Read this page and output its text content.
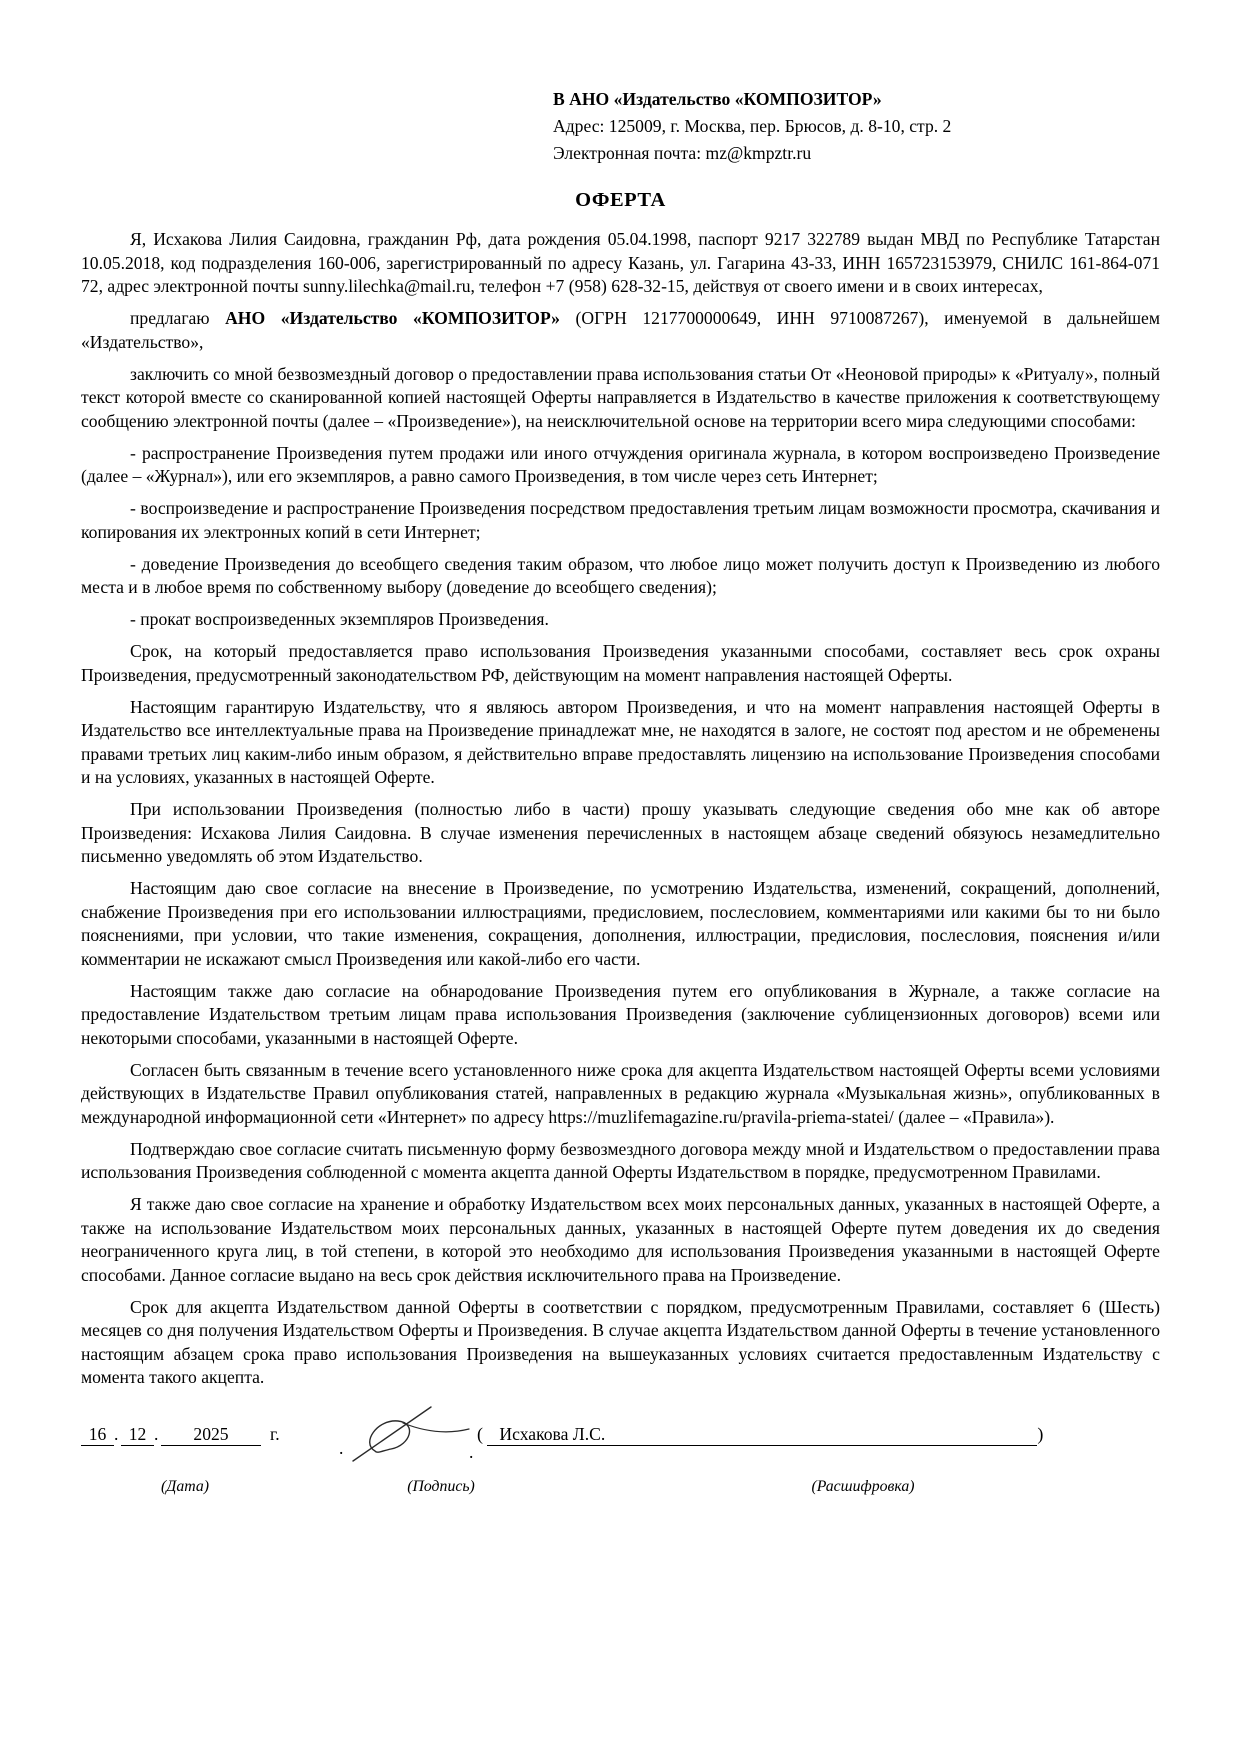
В АНО «Издательство «КОМПОЗИТОР»
Адрес: 125009, г. Москва, пер. Брюсов, д. 8-10, стр. 2
Электронная почта: mz@kmpztr.ru
ОФЕРТА

Я, Исхакова Лилия Саидовна, гражданин Рф, дата рождения 05.04.1998, паспорт 9217 322789 выдан МВД по Республике Татарстан 10.05.2018, код подразделения 160-006, зарегистрированный по адресу Казань, ул. Гагарина 43-33, ИНН 165723153979, СНИЛС 161-864-071 72, адрес электронной почты sunny.lilechka@mail.ru, телефон +7 (958) 628-32-15, действуя от своего имени и в своих интересах,

предлагаю АНО «Издательство «КОМПОЗИТОР» (ОГРН 1217700000649, ИНН 9710087267), именуемой в дальнейшем «Издательство»,

заключить со мной безвозмездный договор о предоставлении права использования статьи От «Неоновой природы» к «Ритуалу», полный текст которой вместе со сканированной копией настоящей Оферты направляется в Издательство в качестве приложения к соответствующему сообщению электронной почты (далее – «Произведение»), на неисключительной основе на территории всего мира следующими способами:

- распространение Произведения путем продажи или иного отчуждения оригинала журнала, в котором воспроизведено Произведение (далее – «Журнал»), или его экземпляров, а равно самого Произведения, в том числе через сеть Интернет;

- воспроизведение и распространение Произведения посредством предоставления третьим лицам возможности просмотра, скачивания и копирования их электронных копий в сети Интернет;

- доведение Произведения до всеобщего сведения таким образом, что любое лицо может получить доступ к Произведению из любого места и в любое время по собственному выбору (доведение до всеобщего сведения);

- прокат воспроизведенных экземпляров Произведения.

Срок, на который предоставляется право использования Произведения указанными способами, составляет весь срок охраны Произведения, предусмотренный законодательством РФ, действующим на момент направления настоящей Оферты.

Настоящим гарантирую Издательству, что я являюсь автором Произведения, и что на момент направления настоящей Оферты в Издательство все интеллектуальные права на Произведение принадлежат мне, не находятся в залоге, не состоят под арестом и не обременены правами третьих лиц каким-либо иным образом, я действительно вправе предоставлять лицензию на использование Произведения способами и на условиях, указанных в настоящей Оферте.

При использовании Произведения (полностью либо в части) прошу указывать следующие сведения обо мне как об авторе Произведения: Исхакова Лилия Саидовна. В случае изменения перечисленных в настоящем абзаце сведений обязуюсь незамедлительно письменно уведомлять об этом Издательство.

Настоящим даю свое согласие на внесение в Произведение, по усмотрению Издательства, изменений, сокращений, дополнений, снабжение Произведения при его использовании иллюстрациями, предисловием, послесловием, комментариями или какими бы то ни было пояснениями, при условии, что такие изменения, сокращения, дополнения, иллюстрации, предисловия, послесловия, пояснения и/или комментарии не искажают смысл Произведения или какой-либо его части.

Настоящим также даю согласие на обнародование Произведения путем его опубликования в Журнале, а также согласие на предоставление Издательством третьим лицам права использования Произведения (заключение сублицензионных договоров) всеми или некоторыми способами, указанными в настоящей Оферте.

Согласен быть связанным в течение всего установленного ниже срока для акцепта Издательством настоящей Оферты всеми условиями действующих в Издательстве Правил опубликования статей, направленных в редакцию журнала «Музыкальная жизнь», опубликованных в международной информационной сети «Интернет» по адресу https://muzlifemagazine.ru/pravila-priema-statei/ (далее – «Правила»).

Подтверждаю свое согласие считать письменную форму безвозмездного договора между мной и Издательством о предоставлении права использования Произведения соблюденной с момента акцепта данной Оферты Издательством в порядке, предусмотренном Правилами.

Я также даю свое согласие на хранение и обработку Издательством всех моих персональных данных, указанных в настоящей Оферте, а также на использование Издательством моих персональных данных, указанных в настоящей Оферте путем доведения их до сведения неограниченного круга лиц, в той степени, в которой это необходимо для использования Произведения указанными в настоящей Оферте способами. Данное согласие выдано на весь срок действия исключительного права на Произведение.

Срок для акцепта Издательством данной Оферты в соответствии с порядком, предусмотренным Правилами, составляет 6 (Шесть) месяцев со дня получения Издательством Оферты и Произведения. В случае акцепта Издательством данной Оферты в течение установленного настоящим абзацем срока право использования Произведения на вышеуказанных условиях считается предоставленным Издательству с момента такого акцепта.

16 . 12 . 2025 г.
.	.
( Исхакова Л.С.	)
(Дата)	(Подпись)	(Расшифровка)
